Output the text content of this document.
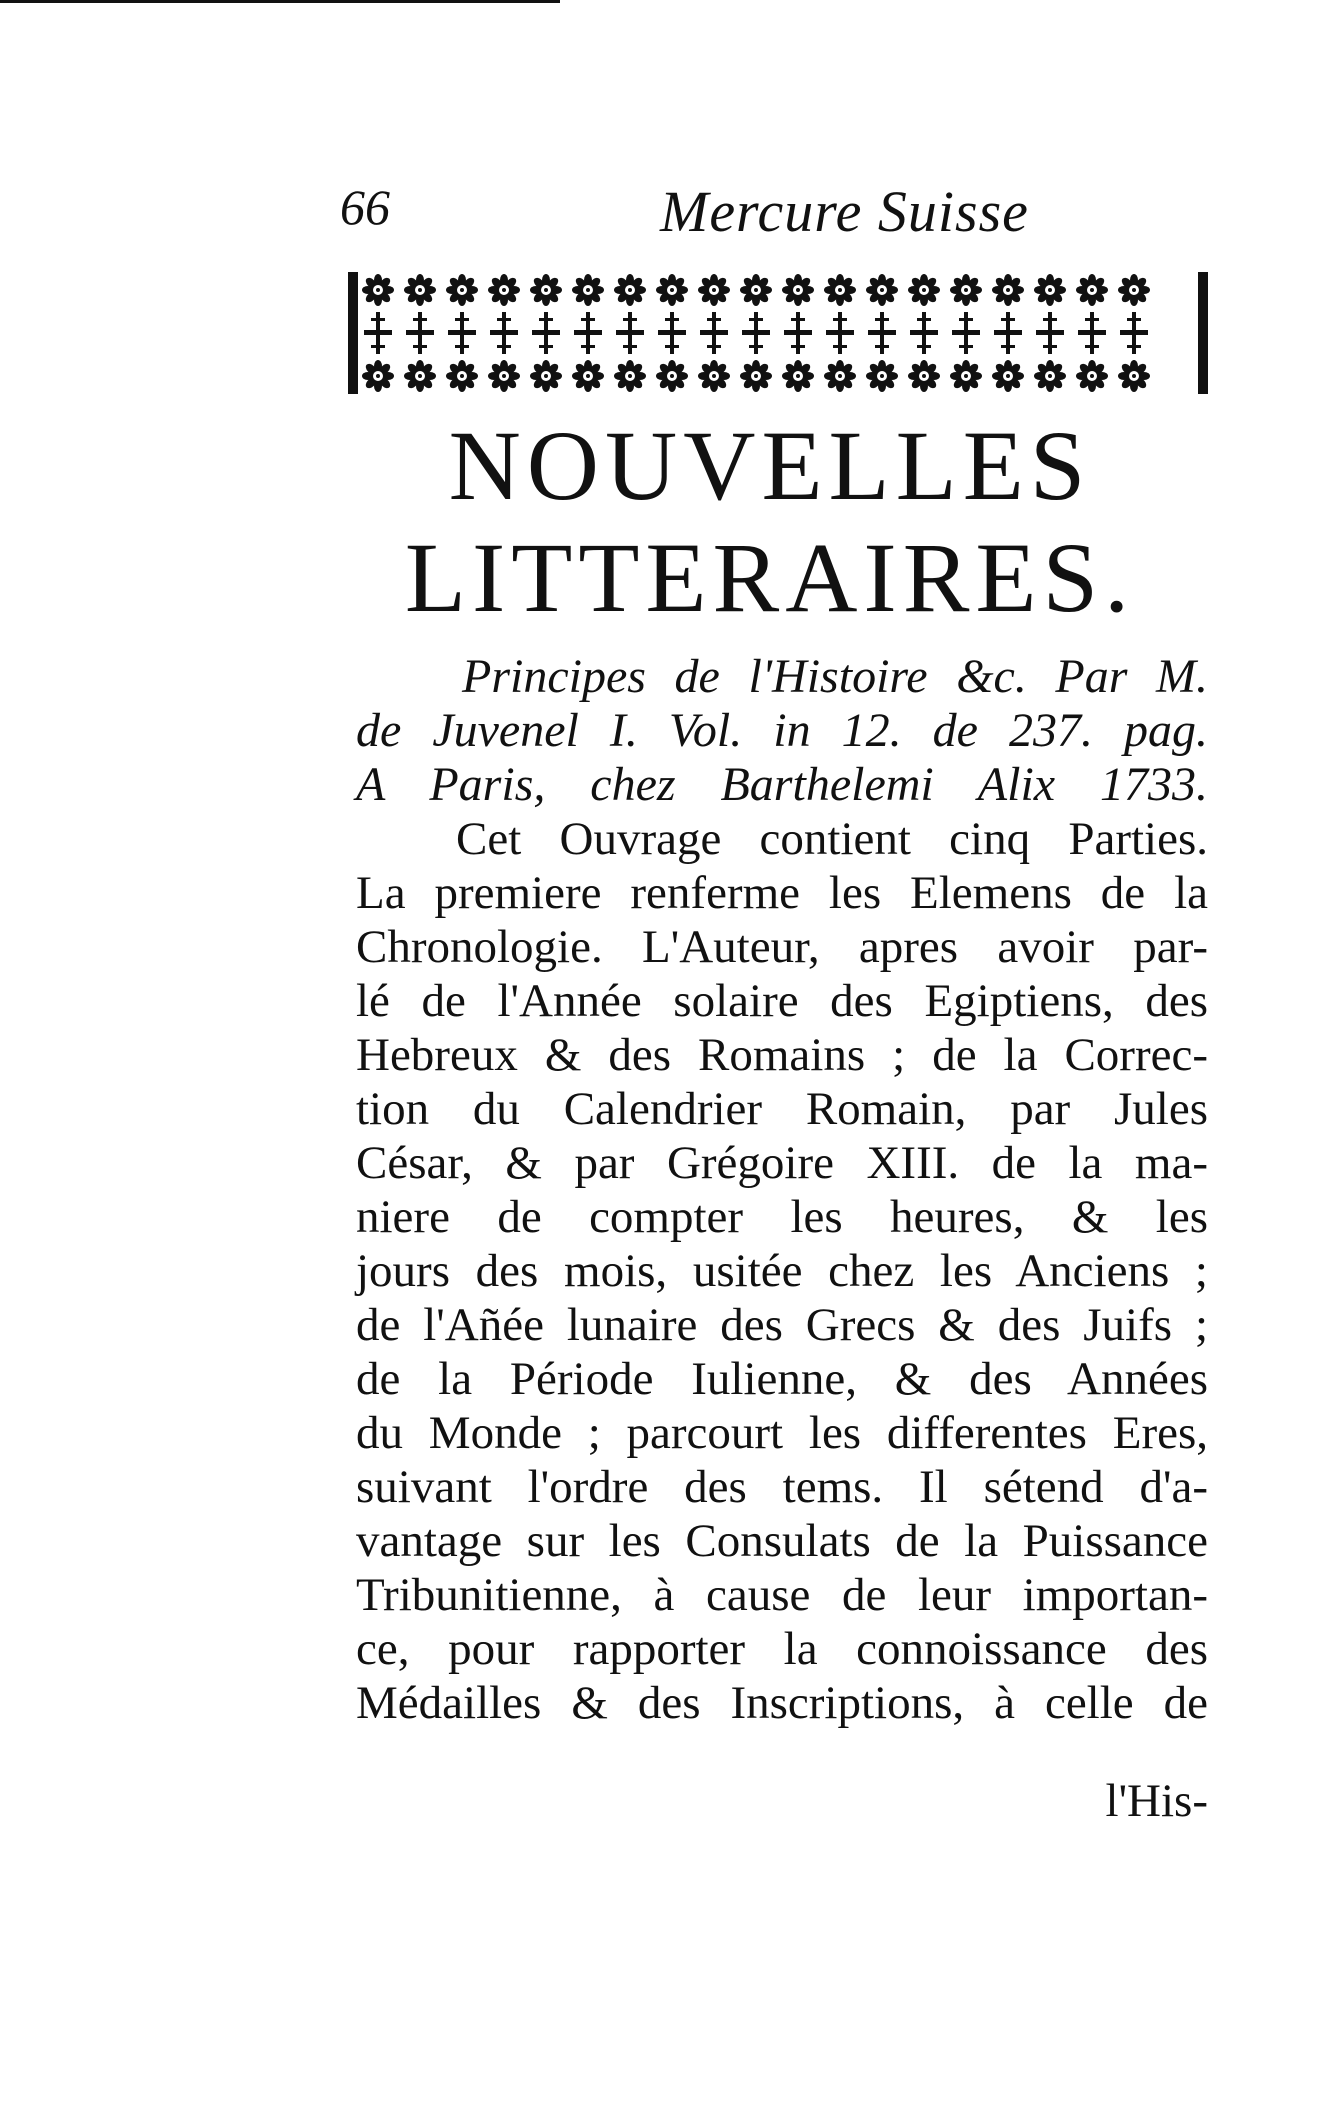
66	Mercure Suisse
NOUVELLES
LITTERAIRES.
Principes de l'Histoire &c. Par M.
de Juvenel I. Vol. in 12. de 237. pag.
A Paris, chez Barthelemi Alix 1733.
Cet Ouvrage contient cinq Parties.
La premiere renferme les Elemens de la
Chronologie. L'Auteur, apres avoir par-
lé de l'Année solaire des Egiptiens, des
Hebreux & des Romains ; de la Correc-
tion du Calendrier Romain, par Jules
César, & par Grégoire XIII. de la ma-
niere de compter les heures, & les
jours des mois, usitée chez les Anciens ;
de l'Añée lunaire des Grecs & des Juifs ;
de la Période Iulienne, & des Années
du Monde ; parcourt les differentes Eres,
suivant l'ordre des tems. Il sétend d'a-
vantage sur les Consulats de la Puissance
Tribunitienne, à cause de leur importan-
ce, pour rapporter la connoissance des
Médailles & des Inscriptions, à celle de
l'His-
